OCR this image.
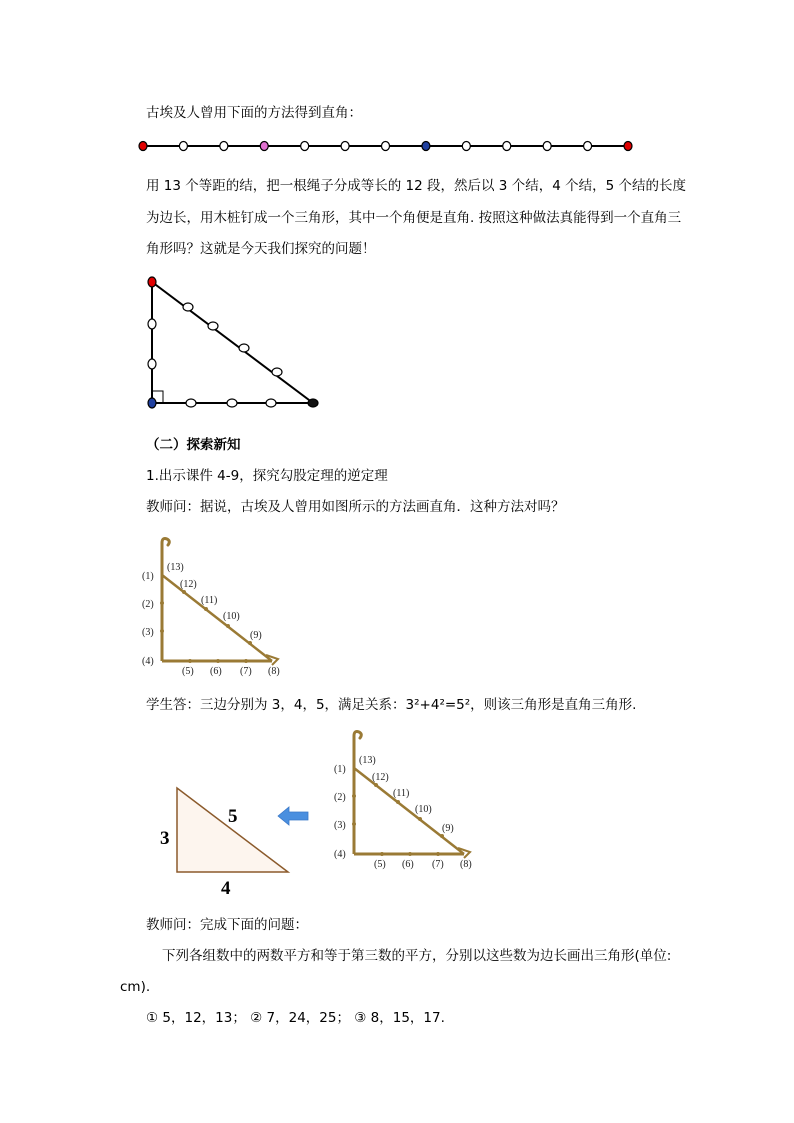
古埃及人曾用下面的方法得到直角：
用 13 个等距的结，把一根绳子分成等长的 12 段，然后以 3 个结，4 个结，5 个结的长度
为边长，用木桩钉成一个三角形，其中一个角便是直角. 按照这种做法真能得到一个直角三
角形吗？这就是今天我们探究的问题！
（二）探索新知
1.出示课件 4-9，探究勾股定理的逆定理
教师问：据说，古埃及人曾用如图所示的方法画直角．这种方法对吗？
(13)
(12)
(11)
(10)
(9)
(1)
(2)
(3)
(4)
(5) (6) (7) (8)
学生答：三边分别为 3，4，5，满足关系：3²+4²=5²，则该三角形是直角三角形.
3
5
4
(13)
(12)
(11)
(10)
(9)
(1)
(2)
(3)
(4)
(5) (6) (7) (8)
教师问：完成下面的问题：
下列各组数中的两数平方和等于第三数的平方，分别以这些数为边长画出三角形(单位:
cm).
① 5，12，13； ② 7，24，25； ③ 8，15，17.
